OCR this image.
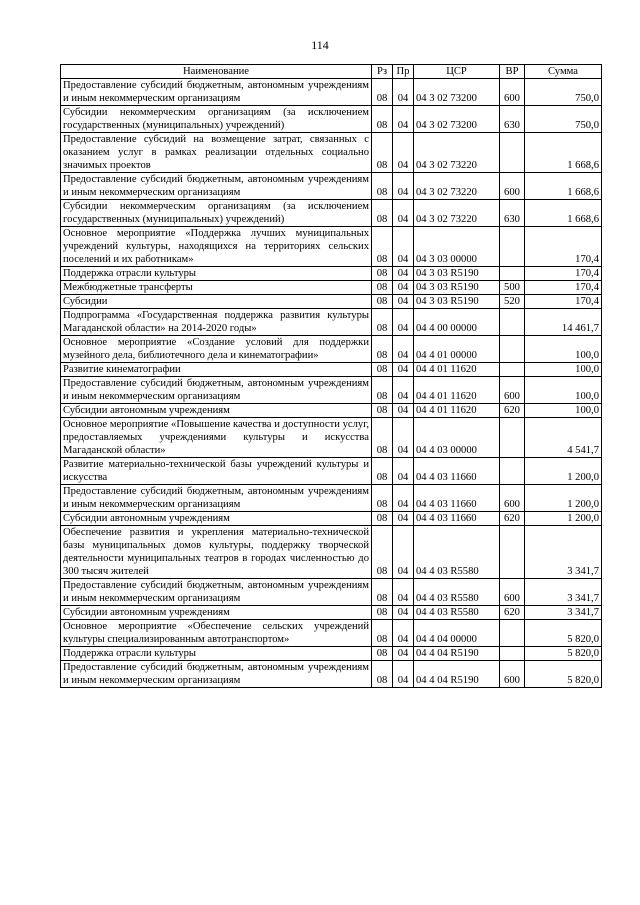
114
Наименование	Рз	Пр	ЦСР	ВР	Сумма
Предоставление субсидий бюджетным, автономным учреждениям и иным некоммерческим организациям	08	04	04 3 02 73200	600	750,0
Субсидии некоммерческим организациям (за исключением государственных (муниципальных) учреждений)	08	04	04 3 02 73200	630	750,0
Предоставление субсидий на возмещение затрат, связанных с оказанием услуг в рамках реализации отдельных социально значимых проектов	08	04	04 3 02 73220		1 668,6
Предоставление субсидий бюджетным, автономным учреждениям и иным некоммерческим организациям	08	04	04 3 02 73220	600	1 668,6
Субсидии некоммерческим организациям (за исключением государственных (муниципальных) учреждений)	08	04	04 3 02 73220	630	1 668,6
Основное мероприятие «Поддержка лучших муниципальных учреждений культуры, находящихся на территориях сельских поселений и их работникам»	08	04	04 3 03 00000		170,4
Поддержка отрасли культуры	08	04	04 3 03 R5190		170,4
Межбюджетные трансферты	08	04	04 3 03 R5190	500	170,4
Субсидии	08	04	04 3 03 R5190	520	170,4
Подпрограмма «Государственная поддержка развития культуры Магаданской области» на 2014-2020 годы»	08	04	04 4 00 00000		14 461,7
Основное мероприятие «Создание условий для поддержки музейного дела, библиотечного дела и кинематографии»	08	04	04 4 01 00000		100,0
Развитие кинематографии	08	04	04 4 01 11620		100,0
Предоставление субсидий бюджетным, автономным учреждениям и иным некоммерческим организациям	08	04	04 4 01 11620	600	100,0
Субсидии автономным учреждениям	08	04	04 4 01 11620	620	100,0
Основное мероприятие «Повышение качества и доступности услуг, предоставляемых учреждениями культуры и искусства Магаданской области»	08	04	04 4 03 00000		4 541,7
Развитие материально-технической базы учреждений культуры и искусства	08	04	04 4 03 11660		1 200,0
Предоставление субсидий бюджетным, автономным учреждениям и иным некоммерческим организациям	08	04	04 4 03 11660	600	1 200,0
Субсидии автономным учреждениям	08	04	04 4 03 11660	620	1 200,0
Обеспечение развития и укрепления материально-технической базы муниципальных домов культуры, поддержку творческой деятельности муниципальных театров в городах численностью до 300 тысяч жителей	08	04	04 4 03 R5580		3 341,7
Предоставление субсидий бюджетным, автономным учреждениям и иным некоммерческим организациям	08	04	04 4 03 R5580	600	3 341,7
Субсидии автономным учреждениям	08	04	04 4 03 R5580	620	3 341,7
Основное мероприятие «Обеспечение сельских учреждений культуры специализированным автотранспортом»	08	04	04 4 04 00000		5 820,0
Поддержка отрасли культуры	08	04	04 4 04 R5190		5 820,0
Предоставление субсидий бюджетным, автономным учреждениям и иным некоммерческим организациям	08	04	04 4 04 R5190	600	5 820,0
